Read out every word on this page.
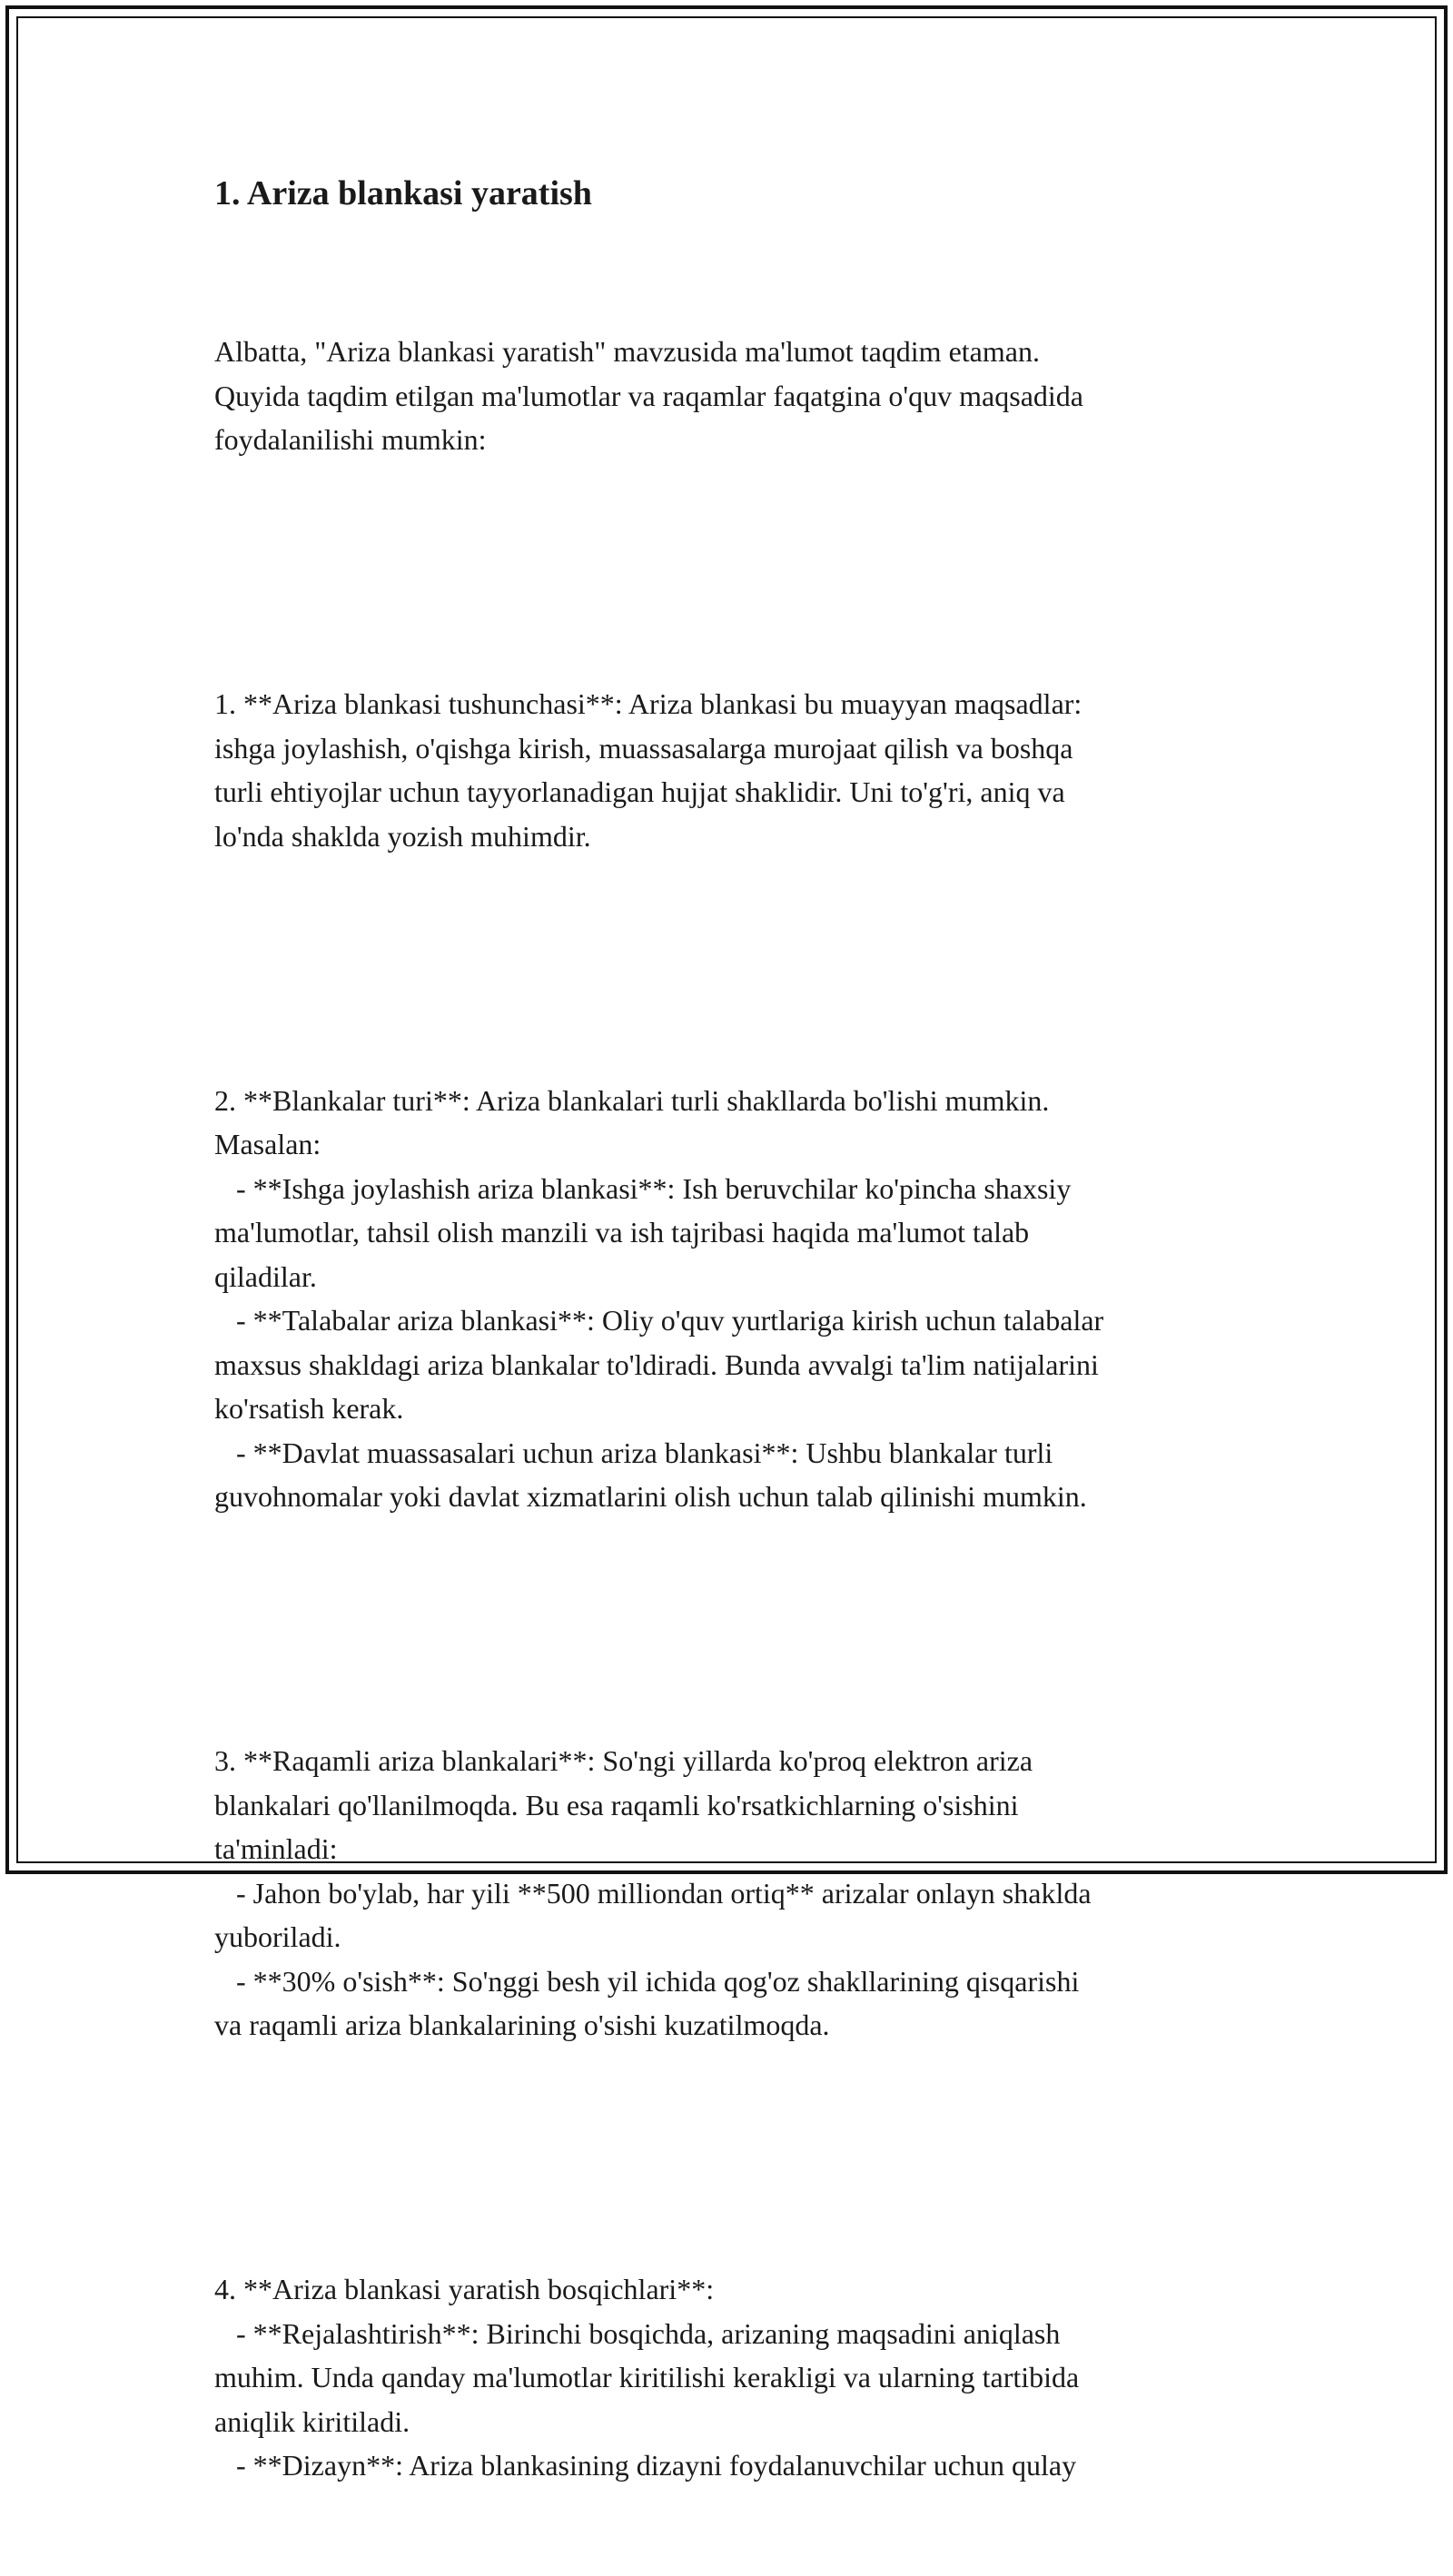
1. Ariza blankasi yaratish

Albatta, "Ariza blankasi yaratish" mavzusida ma'lumot taqdim etaman.
Quyida taqdim etilgan ma'lumotlar va raqamlar faqatgina o'quv maqsadida
foydalanilishi mumkin:

1. **Ariza blankasi tushunchasi**: Ariza blankasi bu muayyan maqsadlar:
ishga joylashish, o'qishga kirish, muassasalarga murojaat qilish va boshqa
turli ehtiyojlar uchun tayyorlanadigan hujjat shaklidir. Uni to'g'ri, aniq va
lo'nda shaklda yozish muhimdir.

2. **Blankalar turi**: Ariza blankalari turli shakllarda bo'lishi mumkin.
Masalan:
- **Ishga joylashish ariza blankasi**: Ish beruvchilar ko'pincha shaxsiy
ma'lumotlar, tahsil olish manzili va ish tajribasi haqida ma'lumot talab
qiladilar.
- **Talabalar ariza blankasi**: Oliy o'quv yurtlariga kirish uchun talabalar
maxsus shakldagi ariza blankalar to'ldiradi. Bunda avvalgi ta'lim natijalarini
ko'rsatish kerak.
- **Davlat muassasalari uchun ariza blankasi**: Ushbu blankalar turli
guvohnomalar yoki davlat xizmatlarini olish uchun talab qilinishi mumkin.

3. **Raqamli ariza blankalari**: So'ngi yillarda ko'proq elektron ariza
blankalari qo'llanilmoqda. Bu esa raqamli ko'rsatkichlarning o'sishini
ta'minladi:
- Jahon bo'ylab, har yili **500 milliondan ortiq** arizalar onlayn shaklda
yuboriladi.
- **30% o'sish**: So'nggi besh yil ichida qog'oz shakllarining qisqarishi
va raqamli ariza blankalarining o'sishi kuzatilmoqda.

4. **Ariza blankasi yaratish bosqichlari**:
- **Rejalashtirish**: Birinchi bosqichda, arizaning maqsadini aniqlash
muhim. Unda qanday ma'lumotlar kiritilishi kerakligi va ularning tartibida
aniqlik kiritiladi.
- **Dizayn**: Ariza blankasining dizayni foydalanuvchilar uchun qulay
